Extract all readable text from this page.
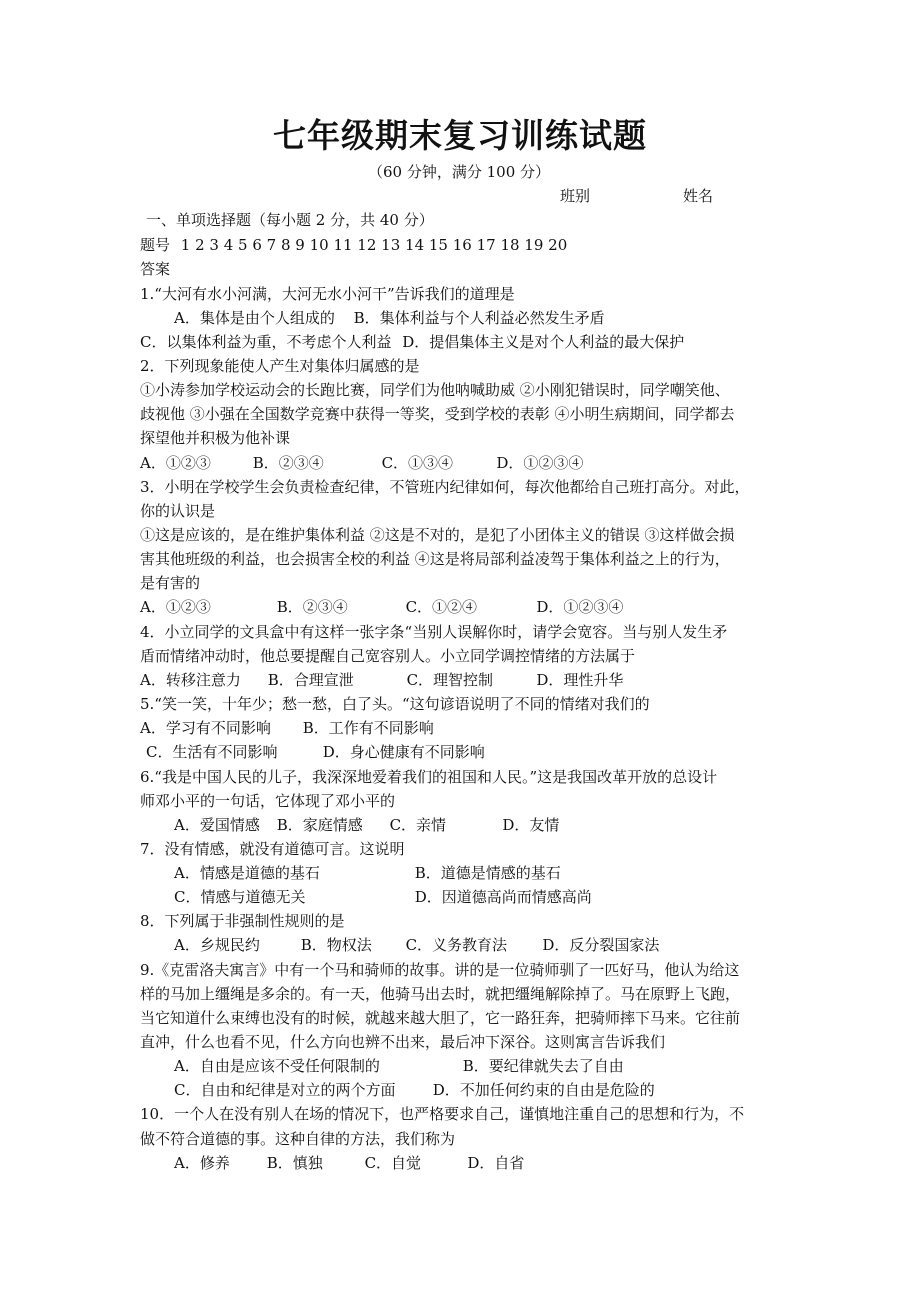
七年级期末复习训练试题
（60 分钟，满分 100 分）
班别	姓名
一、单项选择题（每小题 2 分，共 40 分）
题号 1 2 3 4 5 6 7 8 9 10 11 12 13 14 15 16 17 18 19 20
答案
1.“大河有水小河满，大河无水小河干”告诉我们的道理是
A．集体是由个人组成的 B．集体利益与个人利益必然发生矛盾
C．以集体利益为重，不考虑个人利益 D．提倡集体主义是对个人利益的最大保护
2．下列现象能使人产生对集体归属感的是
①小涛参加学校运动会的长跑比赛，同学们为他呐喊助威 ②小刚犯错误时，同学嘲笑他、
歧视他 ③小强在全国数学竞赛中获得一等奖，受到学校的表彰 ④小明生病期间，同学都去
探望他并积极为他补课
A．①②③	B．②③④	C．①③④	D．①②③④
3．小明在学校学生会负责检查纪律，不管班内纪律如何，每次他都给自己班打高分。对此，
你的认识是
①这是应该的，是在维护集体利益 ②这是不对的，是犯了小团体主义的错误 ③这样做会损
害其他班级的利益，也会损害全校的利益 ④这是将局部利益凌驾于集体利益之上的行为，
是有害的
A．①②③	B．②③④	C．①②④	D．①②③④
4．小立同学的文具盒中有这样一张字条“当别人误解你时，请学会宽容。当与别人发生矛
盾而情绪冲动时，他总要提醒自己宽容别人。小立同学调控情绪的方法属于
A．转移注意力 B．合理宣泄	C．理智控制	D．理性升华
5.“笑一笑，十年少；愁一愁，白了头。“这句谚语说明了不同的情绪对我们的
A．学习有不同影响 B．工作有不同影响
C．生活有不同影响	D．身心健康有不同影响
6.“我是中国人民的儿子，我深深地爱着我们的祖国和人民。”这是我国改革开放的总设计
师邓小平的一句话，它体现了邓小平的
A．爱国情感 B．家庭情感 C．亲情	D．友情
7．没有情感，就没有道德可言。这说明
A．情感是道德的基石	B．道德是情感的基石
C．情感与道德无关	D．因道德高尚而情感高尚
8．下列属于非强制性规则的是
A．乡规民约	B．物权法 C．义务教育法 D．反分裂国家法
9.《克雷洛夫寓言》中有一个马和骑师的故事。讲的是一位骑师驯了一匹好马，他认为给这
样的马加上缰绳是多余的。有一天，他骑马出去时，就把缰绳解除掉了。马在原野上飞跑，
当它知道什么束缚也没有的时候，就越来越大胆了，它一路狂奔，把骑师摔下马来。它往前
直冲，什么也看不见，什么方向也辨不出来，最后冲下深谷。这则寓言告诉我们
A．自由是应该不受任何限制的	B．要纪律就失去了自由
C．自由和纪律是对立的两个方面 D．不加任何约束的自由是危险的
10．一个人在没有别人在场的情况下，也严格要求自己，谨慎地注重自己的思想和行为，不
做不符合道德的事。这种自律的方法，我们称为
A．修养 B．慎独	C．自觉	D．自省
